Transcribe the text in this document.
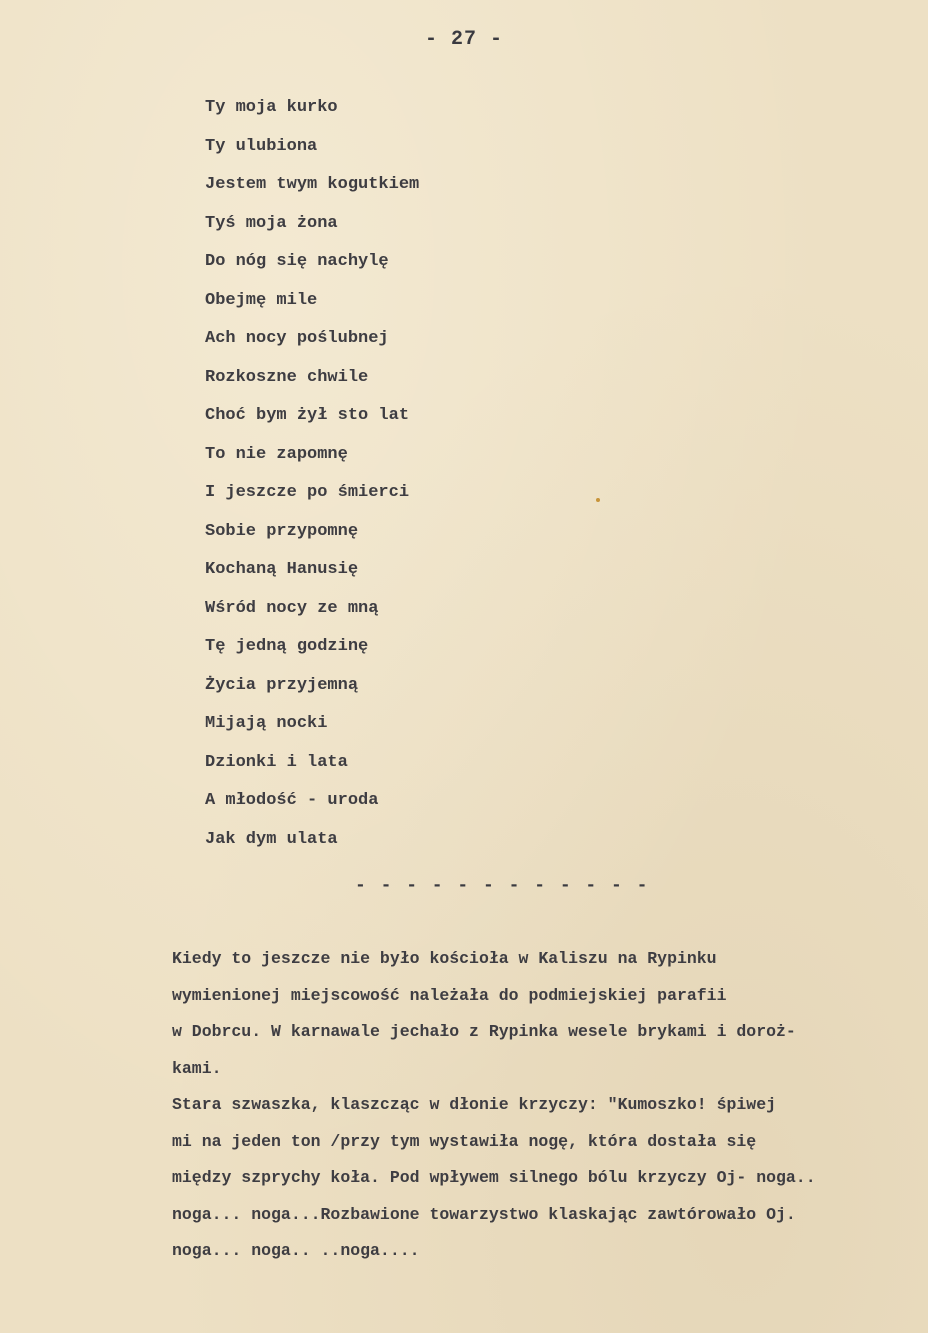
- 27 -
Ty moja kurko
Ty ulubiona
Jestem twym kogutkiem
Tyś moja żona
Do nóg się nachylę
Obejmę mile
Ach nocy poślubnej
Rozkoszne chwile
Choć bym żył sto lat
To nie zapomnę
I jeszcze po śmierci
Sobie przypomnę
Kochaną Hanusię
Wśród nocy ze mną
Tę jedną godzinę
Życia przyjemną
Mijają nocki
Dzionki i lata
A młodość - uroda
Jak dym ulata
- - - - - - - - - - - -
Kiedy to jeszcze nie było kościoła w Kaliszu na Rypinku
wymienionej miejscowość należała do podmiejskiej parafii
w Dobrcu. W karnawale jechało z Rypinka wesele brykami i doroż-
kami.
Stara szwaszka, klaszcząc w dłonie krzyczy: "Kumoszko! śpiwej
mi na jeden ton /przy tym wystawiła nogę, która dostała się
między szprychy koła. Pod wpływem silnego bólu krzyczy Oj- noga..
noga... noga...Rozbawione towarzystwo klaskając zawtórowało Oj.
noga... noga.. ..noga....
